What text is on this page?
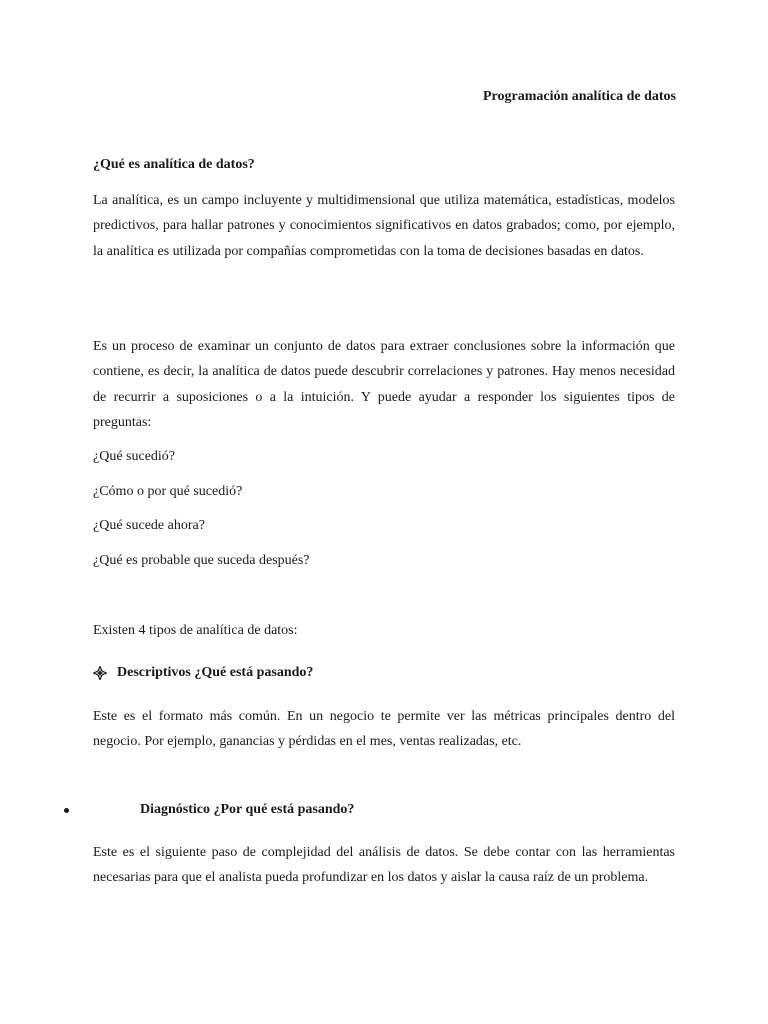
Programación analítica de datos
¿Qué es analítica de datos?
La analítica, es un campo incluyente y multidimensional que utiliza matemática, estadísticas, modelos predictivos, para hallar patrones y conocimientos significativos en datos grabados; como, por ejemplo, la analítica es utilizada por compañías comprometidas con la toma de decisiones basadas en datos.
Es un proceso de examinar un conjunto de datos para extraer conclusiones sobre la información que contiene, es decir, la analítica de datos puede descubrir correlaciones y patrones. Hay menos necesidad de recurrir a suposiciones o a la intuición. Y puede ayudar a responder los siguientes tipos de preguntas:
¿Qué sucedió?
¿Cómo o por qué sucedió?
¿Qué sucede ahora?
¿Qué es probable que suceda después?
Existen 4 tipos de analítica de datos:
Descriptivos ¿Qué está pasando?
Este es el formato más común. En un negocio te permite ver las métricas principales dentro del negocio. Por ejemplo, ganancias y pérdidas en el mes, ventas realizadas, etc.
Diagnóstico ¿Por qué está pasando?
Este es el siguiente paso de complejidad del análisis de datos. Se debe contar con las herramientas necesarias para que el analista pueda profundizar en los datos y aislar la causa raíz de un problema.
